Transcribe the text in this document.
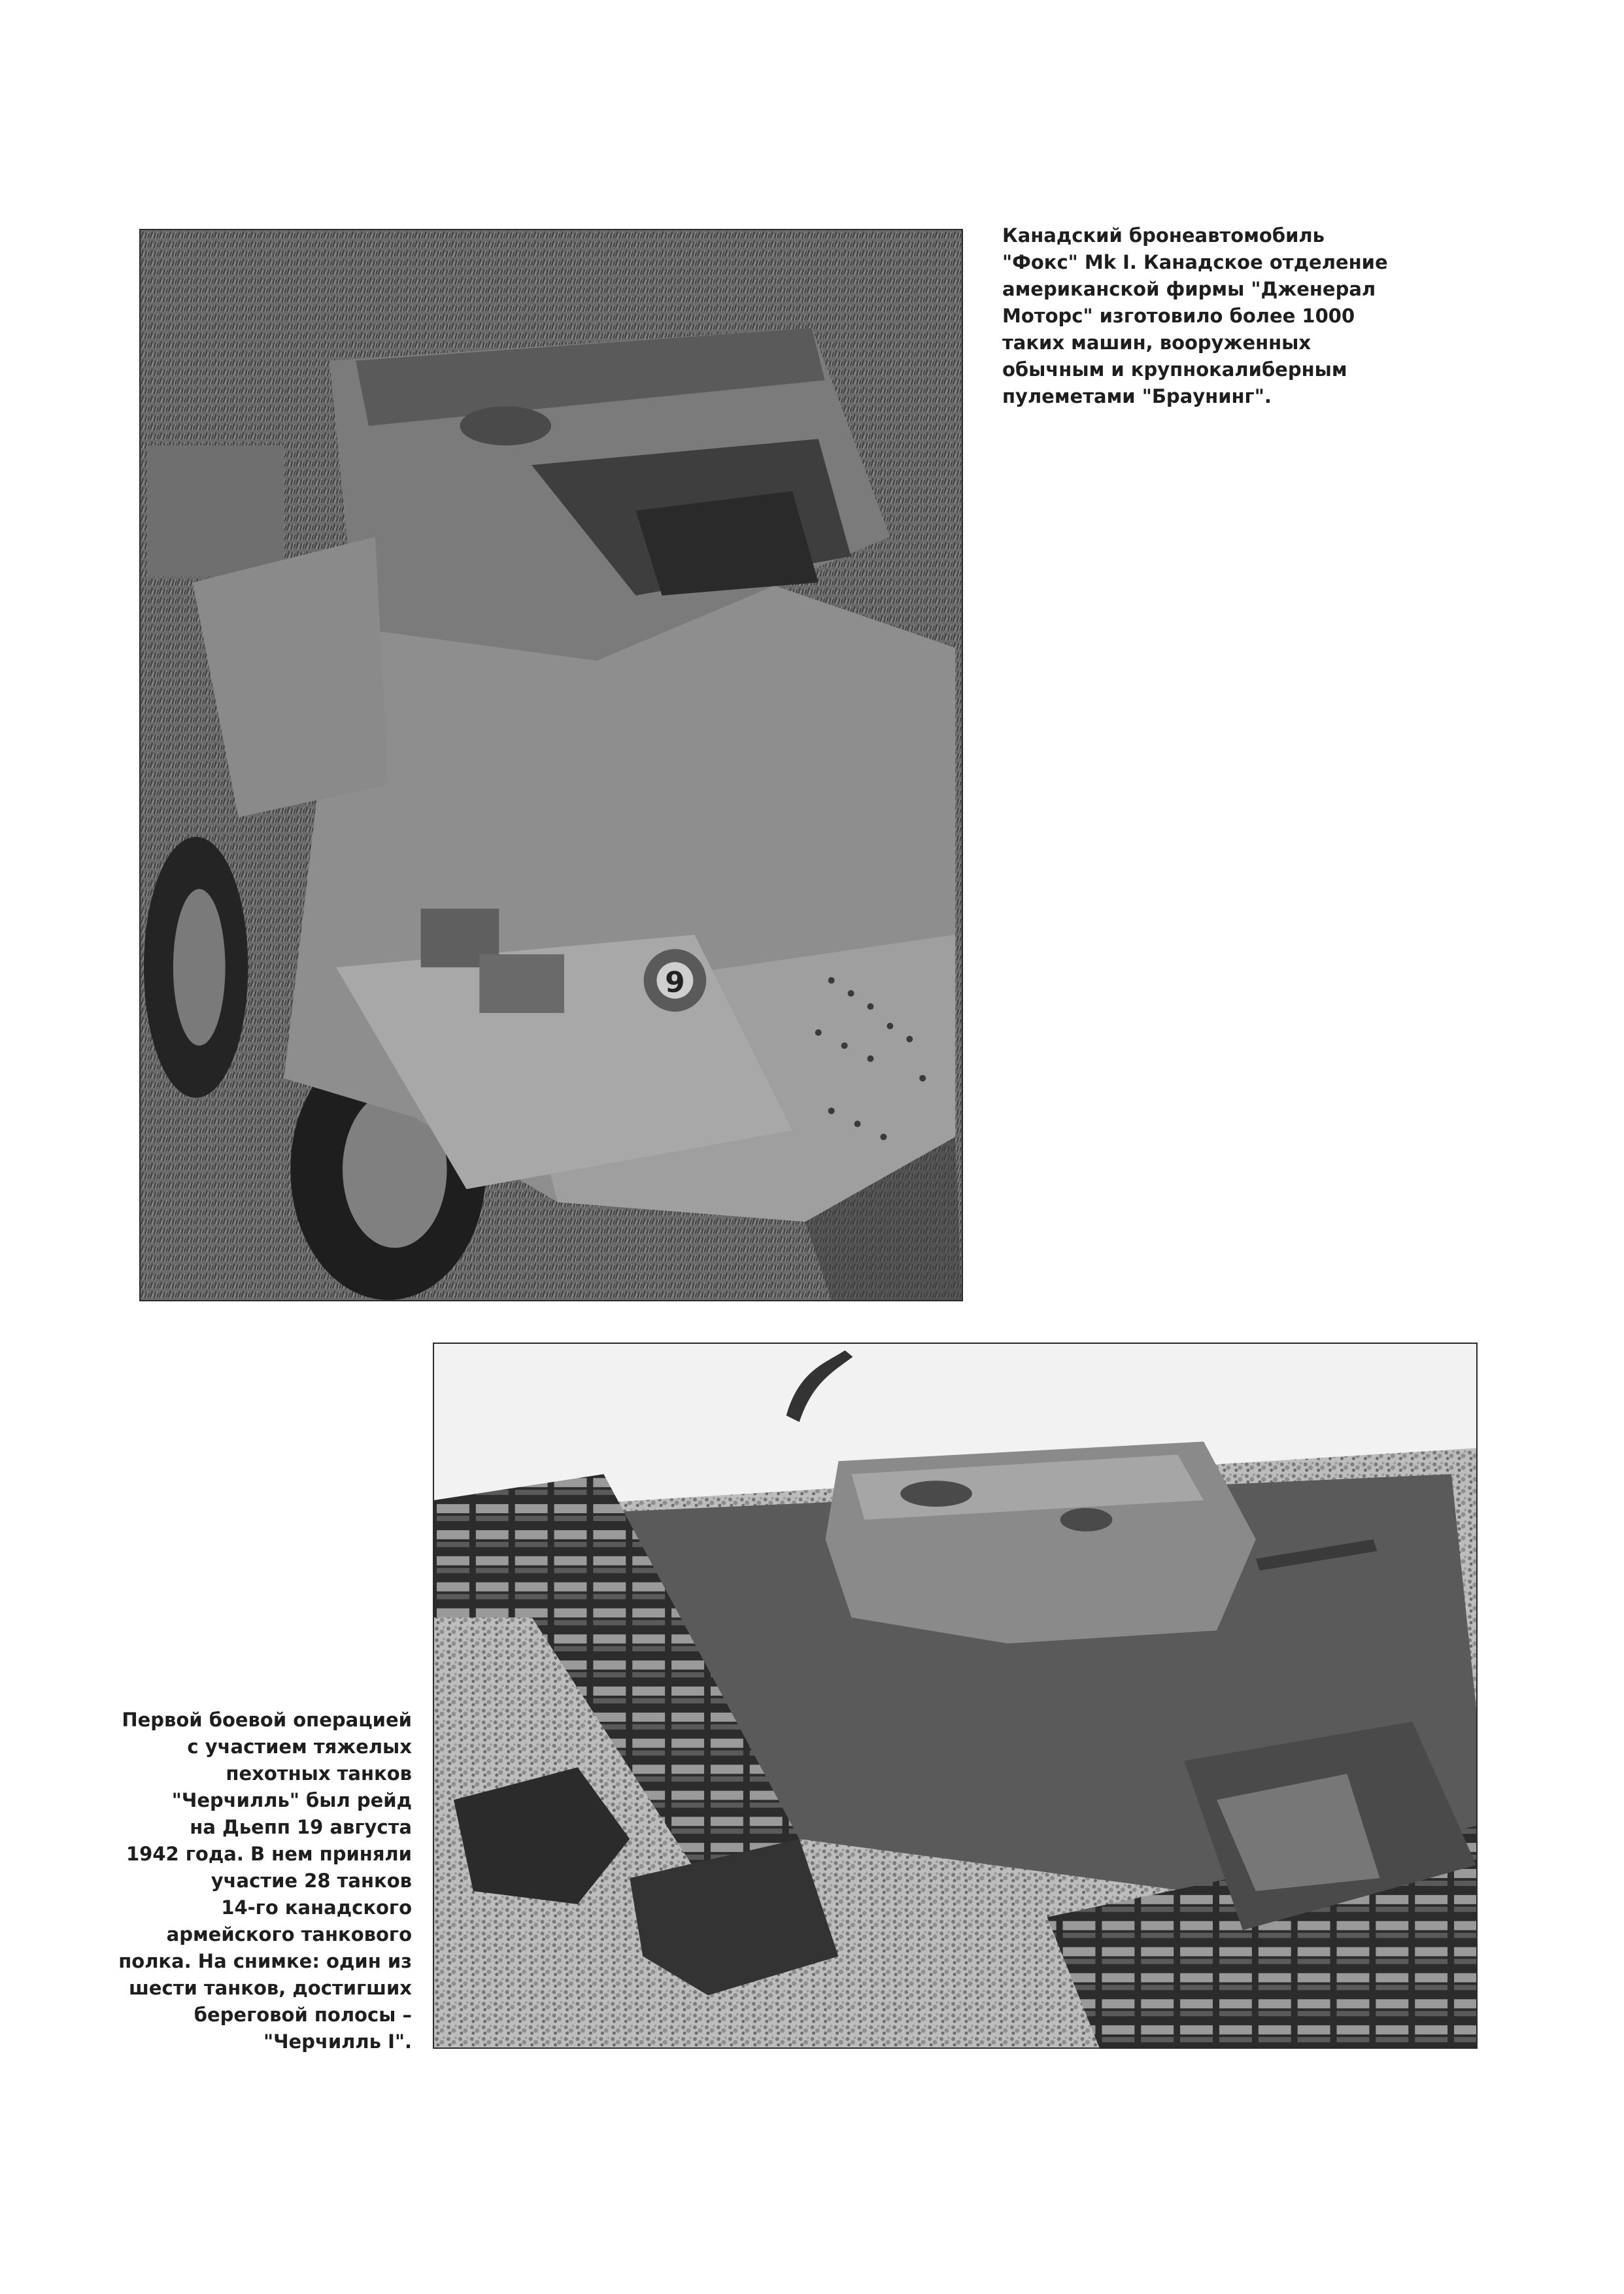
9
Канадский бронеавтомобиль
"Фокс" Mk I. Канадское отделение
американской фирмы "Дженерал
Моторс" изготовило более 1000
таких машин, вооруженных
обычным и крупнокалиберным
пулеметами "Браунинг".
Первой боевой операцией
с участием тяжелых
пехотных танков
"Черчилль" был рейд
на Дьепп 19 августа
1942 года. В нем приняли
участие 28 танков
14-го канадского
армейского танкового
полка. На снимке: один из
шести танков, достигших
береговой полосы –
"Черчилль I".
